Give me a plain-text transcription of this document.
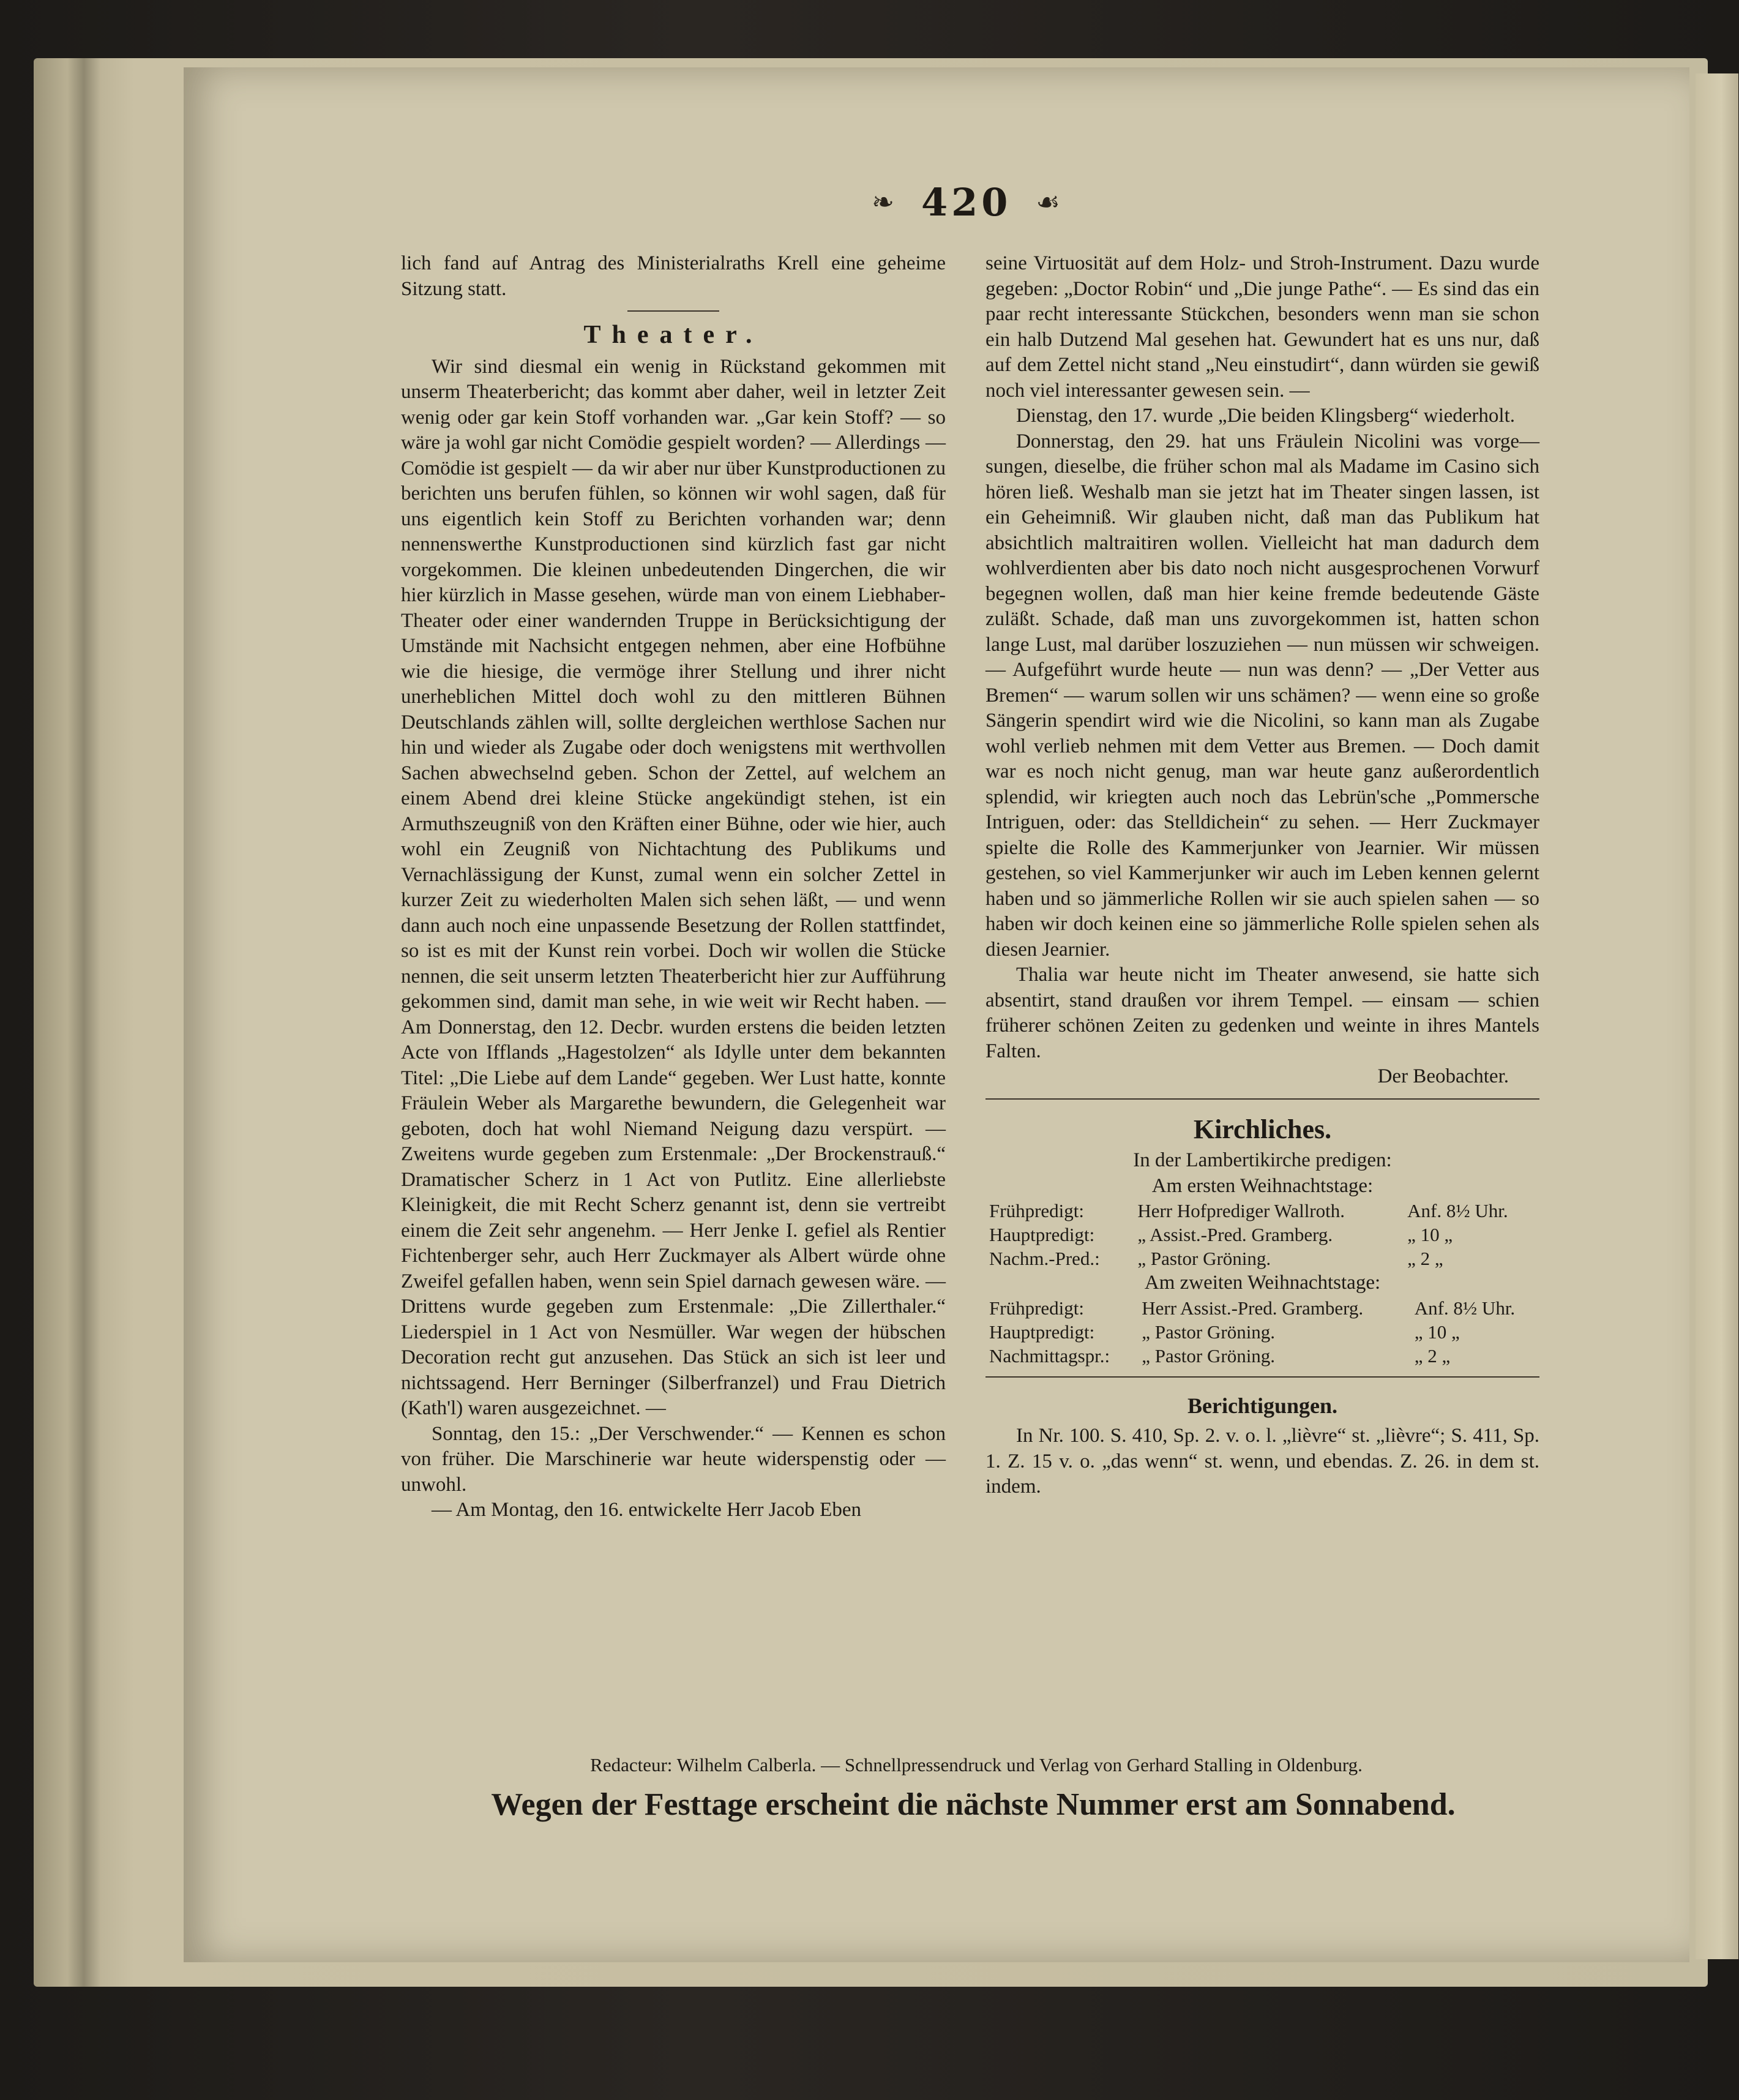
❧ 420 ☙

lich fand auf Antrag des Ministerialraths Krell eine geheime Sitzung statt.

Theater.

Wir sind diesmal ein wenig in Rückstand gekommen mit unserm Theaterbericht; das kommt aber daher, weil in letzter Zeit wenig oder gar kein Stoff vorhanden war. „Gar kein Stoff? — so wäre ja wohl gar nicht Comödie gespielt worden? — Allerdings — Comödie ist gespielt — da wir aber nur über Kunstproductionen zu berichten uns berufen fühlen, so können wir wohl sagen, daß für uns eigentlich kein Stoff zu Berichten vorhanden war; denn nennenswerthe Kunstproductionen sind kürzlich fast gar nicht vorgekommen. Die kleinen unbedeutenden Dingerchen, die wir hier kürzlich in Masse gesehen, würde man von einem Liebhaber-Theater oder einer wandernden Truppe in Berücksichtigung der Umstände mit Nachsicht entgegen nehmen, aber eine Hofbühne wie die hiesige, die vermöge ihrer Stellung und ihrer nicht unerheblichen Mittel doch wohl zu den mittleren Bühnen Deutschlands zählen will, sollte dergleichen werthlose Sachen nur hin und wieder als Zugabe oder doch wenigstens mit werthvollen Sachen abwechselnd geben. Schon der Zettel, auf welchem an einem Abend drei kleine Stücke angekündigt stehen, ist ein Armuthszeugniß von den Kräften einer Bühne, oder wie hier, auch wohl ein Zeugniß von Nichtachtung des Publikums und Vernachlässigung der Kunst, zumal wenn ein solcher Zettel in kurzer Zeit zu wiederholten Malen sich sehen läßt, — und wenn dann auch noch eine unpassende Besetzung der Rollen stattfindet, so ist es mit der Kunst rein vorbei. Doch wir wollen die Stücke nennen, die seit unserm letzten Theaterbericht hier zur Aufführung gekommen sind, damit man sehe, in wie weit wir Recht haben. — Am Donnerstag, den 12. Decbr. wurden erstens die beiden letzten Acte von Ifflands „Hagestolzen“ als Idylle unter dem bekannten Titel: „Die Liebe auf dem Lande“ gegeben. Wer Lust hatte, konnte Fräulein Weber als Margarethe bewundern, die Gelegenheit war geboten, doch hat wohl Niemand Neigung dazu verspürt. — Zweitens wurde gegeben zum Erstenmale: „Der Brockenstrauß.“ Dramatischer Scherz in 1 Act von Putlitz. Eine allerliebste Kleinigkeit, die mit Recht Scherz genannt ist, denn sie vertreibt einem die Zeit sehr angenehm. — Herr Jenke I. gefiel als Rentier Fichtenberger sehr, auch Herr Zuckmayer als Albert würde ohne Zweifel gefallen haben, wenn sein Spiel darnach gewesen wäre. — Drittens wurde gegeben zum Erstenmale: „Die Zillerthaler.“ Liederspiel in 1 Act von Nesmüller. War wegen der hübschen Decoration recht gut anzusehen. Das Stück an sich ist leer und nichtssagend. Herr Berninger (Silberfranzel) und Frau Dietrich (Kath'l) waren ausgezeichnet. —

Sonntag, den 15.: „Der Verschwender.“ — Kennen es schon von früher. Die Marschinerie war heute widerspenstig oder — unwohl.

— Am Montag, den 16. entwickelte Herr Jacob Eben

seine Virtuosität auf dem Holz- und Stroh-Instrument. Dazu wurde gegeben: „Doctor Robin“ und „Die junge Pathe“. — Es sind das ein paar recht interessante Stückchen, besonders wenn man sie schon ein halb Dutzend Mal gesehen hat. Gewundert hat es uns nur, daß auf dem Zettel nicht stand „Neu einstudirt“, dann würden sie gewiß noch viel interessanter gewesen sein. —

Dienstag, den 17. wurde „Die beiden Klingsberg“ wiederholt.

Donnerstag, den 29. hat uns Fräulein Nicolini was vorge—sungen, dieselbe, die früher schon mal als Madame im Casino sich hören ließ. Weshalb man sie jetzt hat im Theater singen lassen, ist ein Geheimniß. Wir glauben nicht, daß man das Publikum hat absichtlich maltraitiren wollen. Vielleicht hat man dadurch dem wohlverdienten aber bis dato noch nicht ausgesprochenen Vorwurf begegnen wollen, daß man hier keine fremde bedeutende Gäste zuläßt. Schade, daß man uns zuvorgekommen ist, hatten schon lange Lust, mal darüber loszuziehen — nun müssen wir schweigen. — Aufgeführt wurde heute — nun was denn? — „Der Vetter aus Bremen“ — warum sollen wir uns schämen? — wenn eine so große Sängerin spendirt wird wie die Nicolini, so kann man als Zugabe wohl verlieb nehmen mit dem Vetter aus Bremen. — Doch damit war es noch nicht genug, man war heute ganz außerordentlich splendid, wir kriegten auch noch das Lebrün'sche „Pommersche Intriguen, oder: das Stelldichein“ zu sehen. — Herr Zuckmayer spielte die Rolle des Kammerjunker von Jearnier. Wir müssen gestehen, so viel Kammerjunker wir auch im Leben kennen gelernt haben und so jämmerliche Rollen wir sie auch spielen sahen — so haben wir doch keinen eine so jämmerliche Rolle spielen sehen als diesen Jearnier.

Thalia war heute nicht im Theater anwesend, sie hatte sich absentirt, stand draußen vor ihrem Tempel. — einsam — schien früherer schönen Zeiten zu gedenken und weinte in ihres Mantels Falten.

Der Beobachter.

Kirchliches.

In der Lambertikirche predigen:

Am ersten Weihnachtstage:

Frühpredigt:	Herr Hofprediger Wallroth.	Anf. 8½ Uhr.
Hauptpredigt:	„ Assist.-Pred. Gramberg.	„ 10 „
Nachm.-Pred.:	„ Pastor Gröning.	„ 2 „

Am zweiten Weihnachtstage:

Frühpredigt:	Herr Assist.-Pred. Gramberg.	Anf. 8½ Uhr.
Hauptpredigt:	„ Pastor Gröning.	„ 10 „
Nachmittagspr.:	„ Pastor Gröning.	„ 2 „
Berichtigungen.

In Nr. 100. S. 410, Sp. 2. v. o. l. „lièvre“ st. „lièvre“; S. 411, Sp. 1. Z. 15 v. o. „das wenn“ st. wenn, und ebendas. Z. 26. in dem st. indem.

Redacteur: Wilhelm Calberla. — Schnellpressendruck und Verlag von Gerhard Stalling in Oldenburg.
Wegen der Festtage erscheint die nächste Nummer erst am Sonnabend.
